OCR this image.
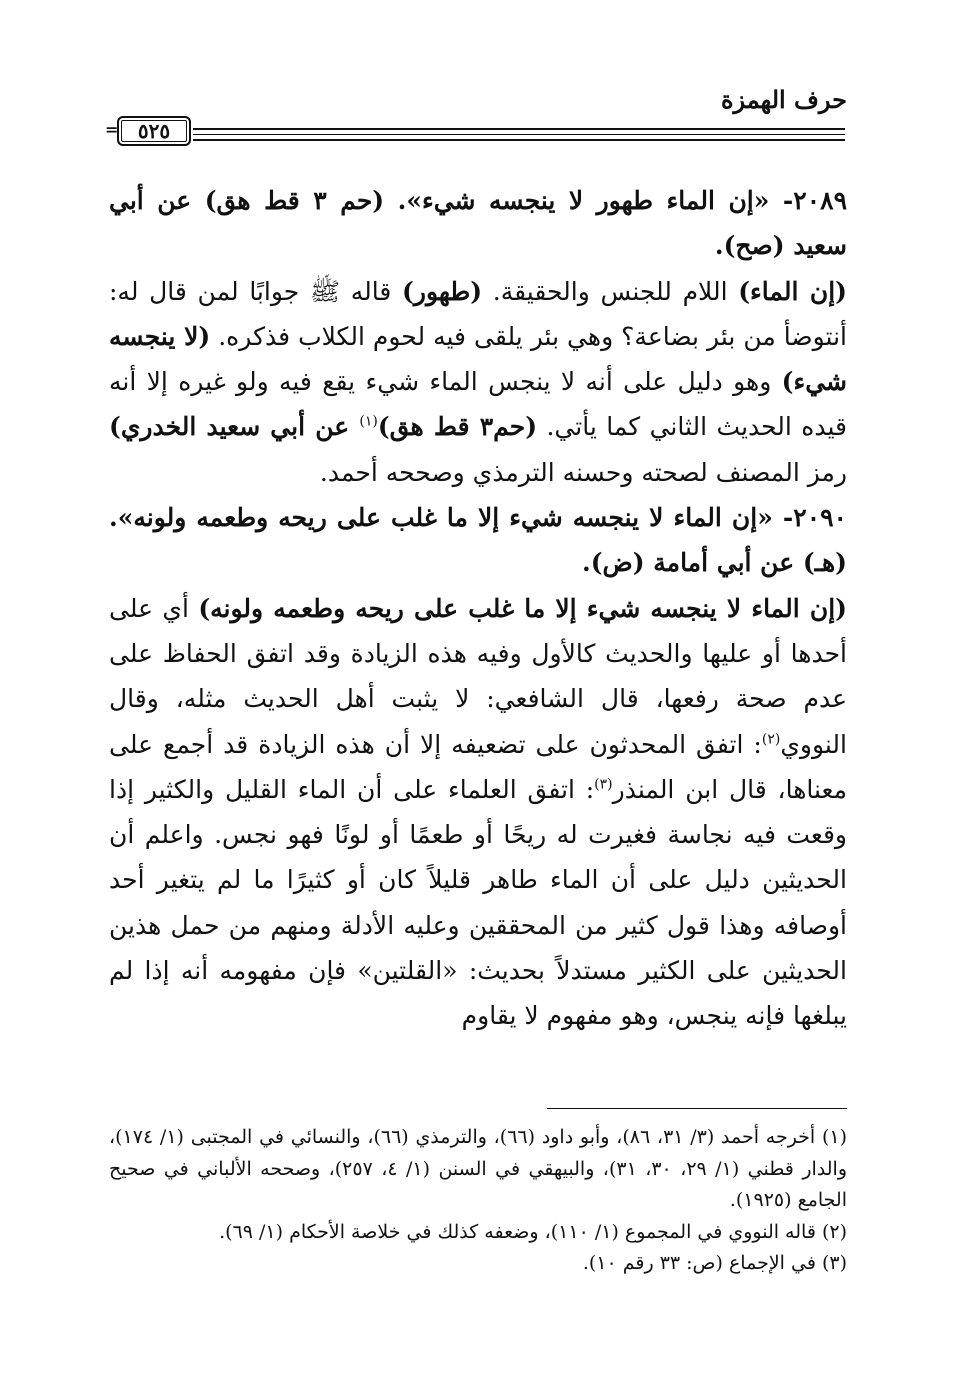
حرف الهمزة
٥٢٥
=

٢٠٨٩- «إن الماء طهور لا ينجسه شيء». (حم ٣ قط هق) عن أبي سعيد (صح).

(إن الماء) اللام للجنس والحقيقة. (طهور) قاله ﷺ جوابًا لمن قال له: أنتوضأ من بئر بضاعة؟ وهي بئر يلقى فيه لحوم الكلاب فذكره. (لا ينجسه شيء) وهو دليل على أنه لا ينجس الماء شيء يقع فيه ولو غيره إلا أنه قيده الحديث الثاني كما يأتي. (حم٣ قط هق)$^{(١)}$ عن أبي سعيد الخدري) رمز المصنف لصحته وحسنه الترمذي وصححه أحمد.

٢٠٩٠- «إن الماء لا ينجسه شيء إلا ما غلب على ريحه وطعمه ولونه». (هـ) عن أبي أمامة (ض).

(إن الماء لا ينجسه شيء إلا ما غلب على ريحه وطعمه ولونه) أي على أحدها أو عليها والحديث كالأول وفيه هذه الزيادة وقد اتفق الحفاظ على عدم صحة رفعها، قال الشافعي: لا يثبت أهل الحديث مثله، وقال النووي$^{(٢)}$: اتفق المحدثون على تضعيفه إلا أن هذه الزيادة قد أجمع على معناها، قال ابن المنذر$^{(٣)}$: اتفق العلماء على أن الماء القليل والكثير إذا وقعت فيه نجاسة فغيرت له ريحًا أو طعمًا أو لونًا فهو نجس. واعلم أن الحديثين دليل على أن الماء طاهر قليلاً كان أو كثيرًا ما لم يتغير أحد أوصافه وهذا قول كثير من المحققين وعليه الأدلة ومنهم من حمل هذين الحديثين على الكثير مستدلاً بحديث: «القلتين» فإن مفهومه أنه إذا لم يبلغها فإنه ينجس، وهو مفهوم لا يقاوم

(١) أخرجه أحمد (٣/ ٣١، ٨٦)، وأبو داود (٦٦)، والترمذي (٦٦)، والنسائي في المجتبى (١/ ١٧٤)، والدار قطني (١/ ٢٩، ٣٠، ٣١)، والبيهقي في السنن (١/ ٤، ٢٥٧)، وصححه الألباني في صحيح الجامع (١٩٢٥).

(٢) قاله النووي في المجموع (١/ ١١٠)، وضعفه كذلك في خلاصة الأحكام (١/ ٦٩).

(٣) في الإجماع (ص: ٣٣ رقم ١٠).
